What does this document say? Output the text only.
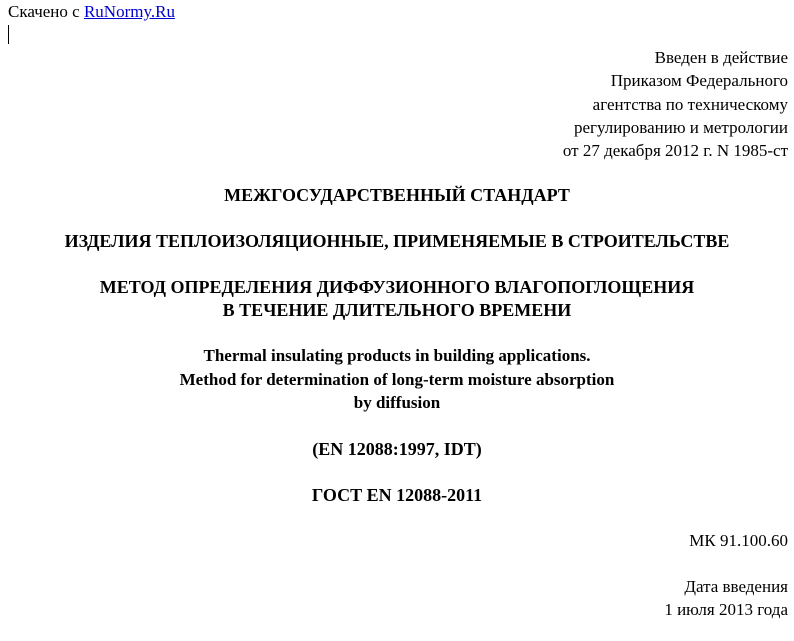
Скачено с RuNormy.Ru
Введен в действие
Приказом Федерального
агентства по техническому
регулированию и метрологии
от 27 декабря 2012 г. N 1985-ст
МЕЖГОСУДАРСТВЕННЫЙ СТАНДАРТ
ИЗДЕЛИЯ ТЕПЛОИЗОЛЯЦИОННЫЕ, ПРИМЕНЯЕМЫЕ В СТРОИТЕЛЬСТВЕ
МЕТОД ОПРЕДЕЛЕНИЯ ДИФФУЗИОННОГО ВЛАГОПОГЛОЩЕНИЯ
В ТЕЧЕНИЕ ДЛИТЕЛЬНОГО ВРЕМЕНИ
Thermal insulating products in building applications.
Method for determination of long-term moisture absorption
by diffusion
(EN 12088:1997, IDT)
ГОСТ EN 12088-2011
МК 91.100.60
Дата введения
1 июля 2013 года
